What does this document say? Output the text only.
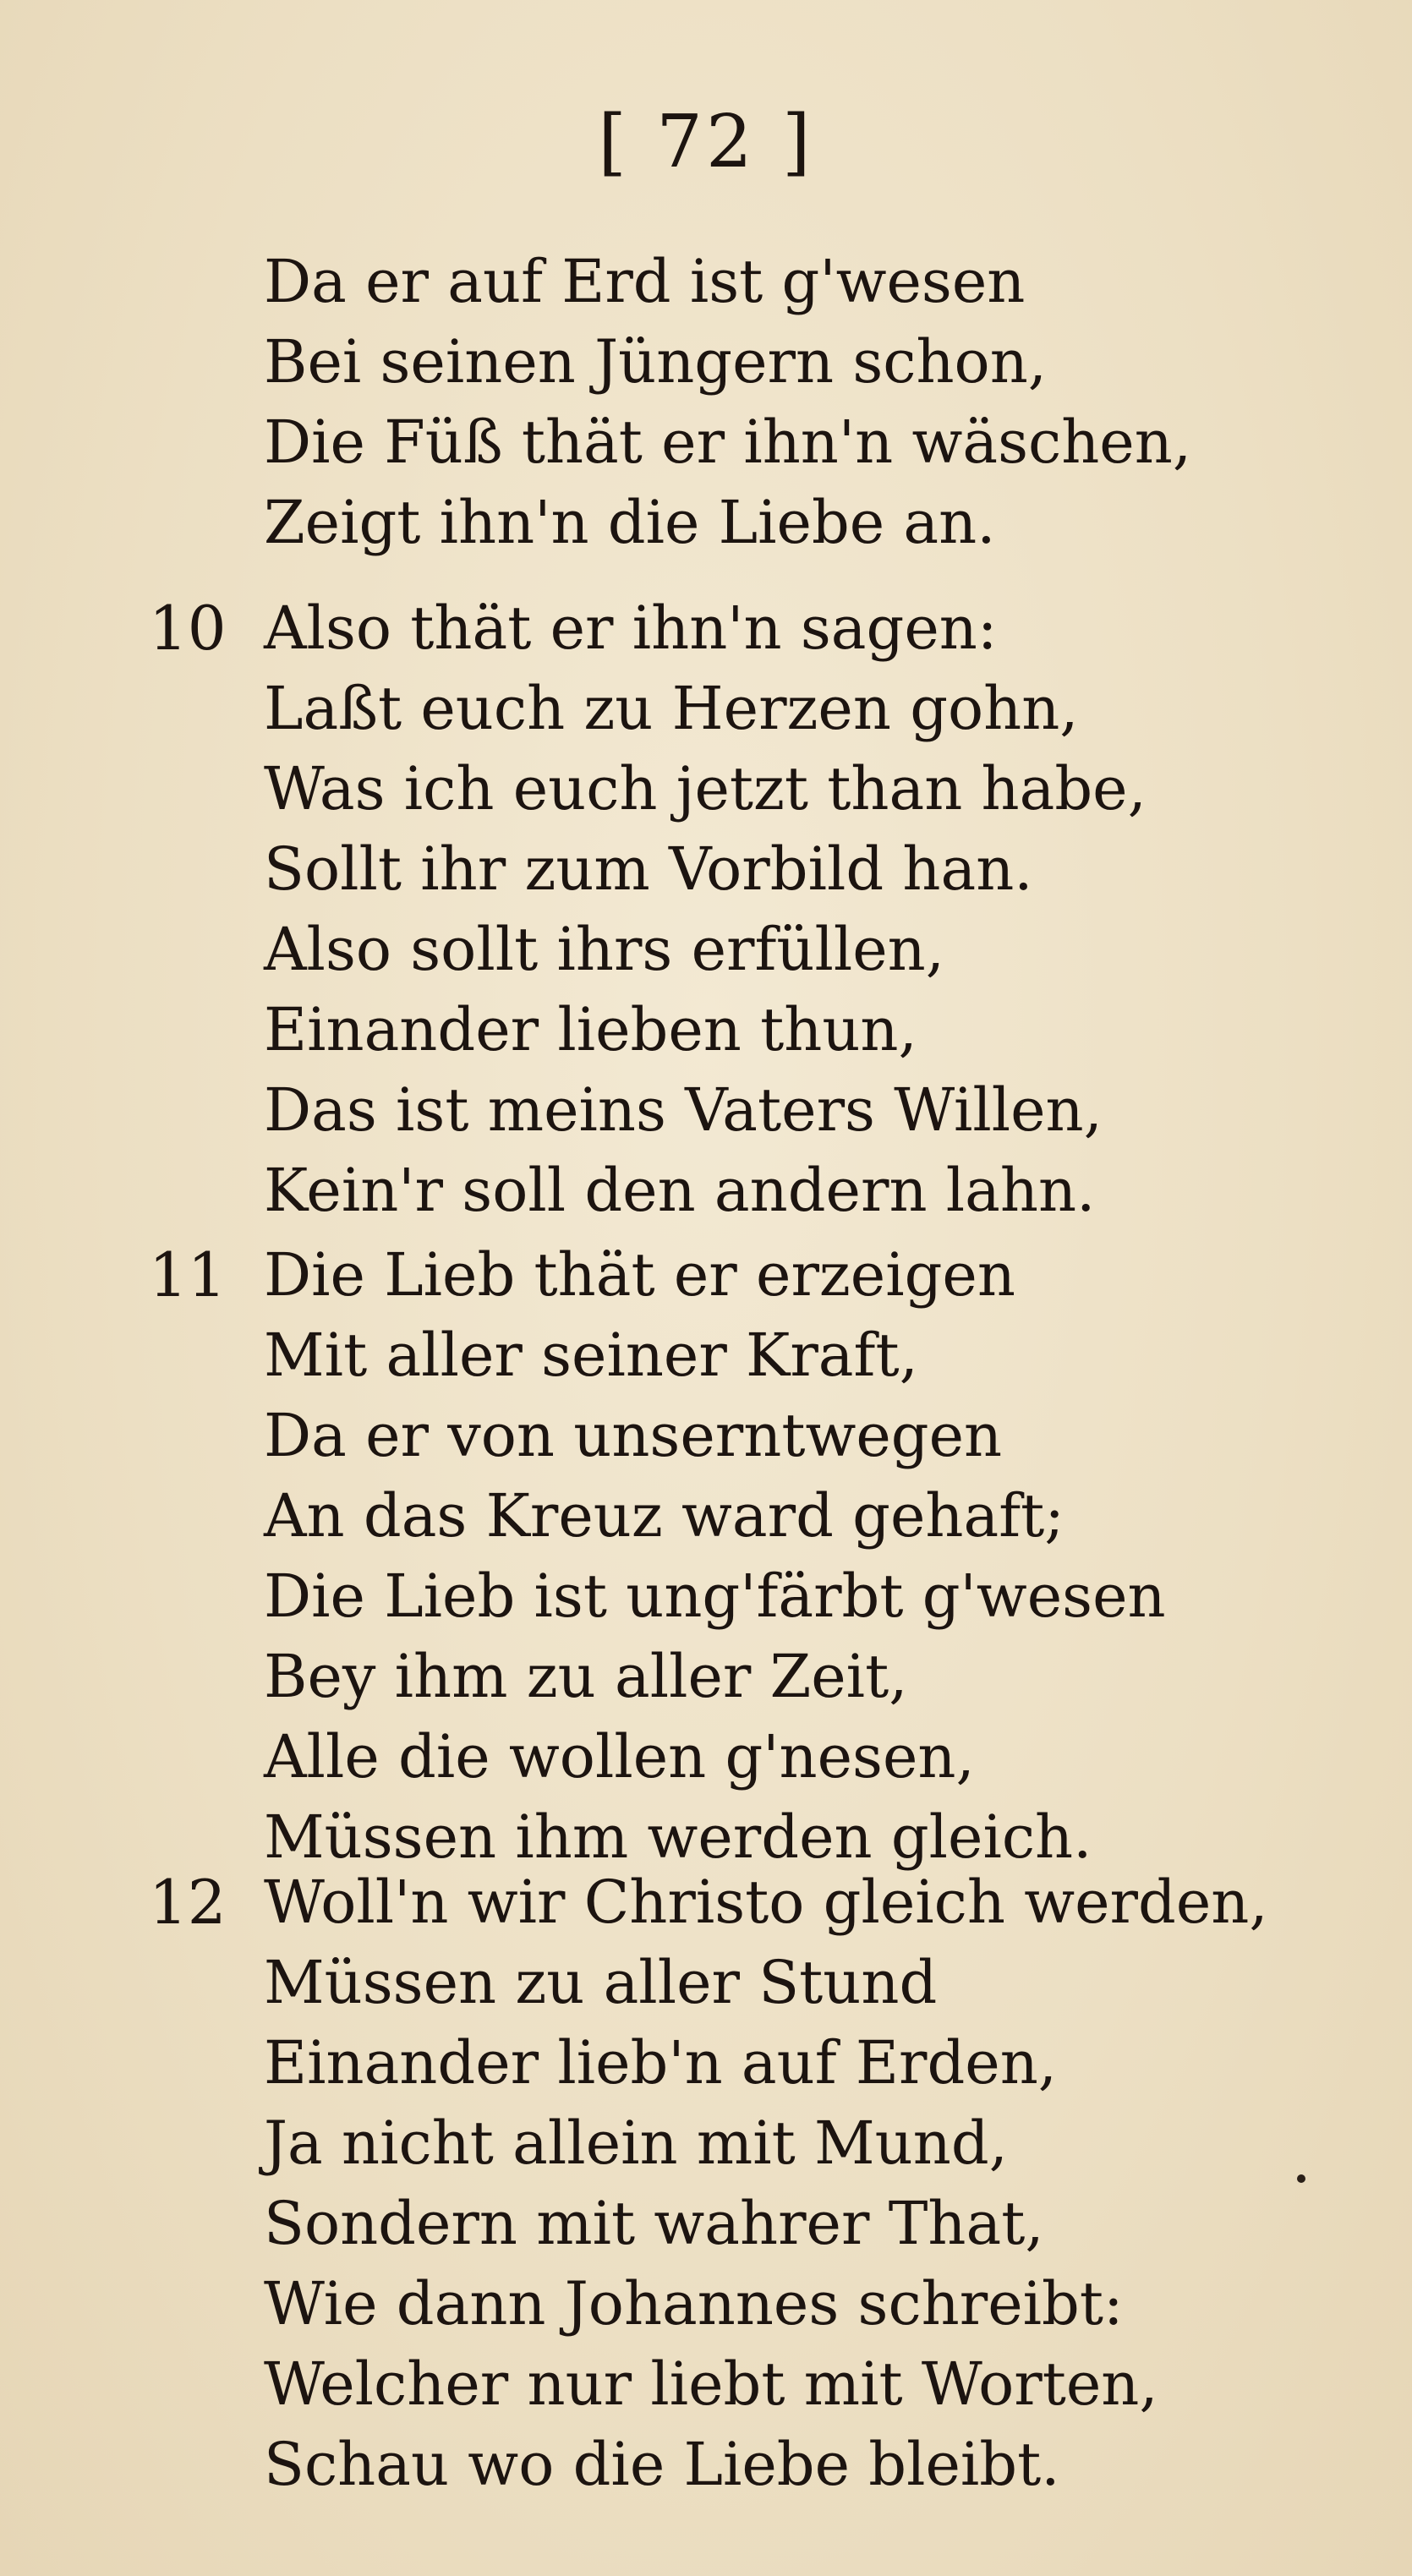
[ 72 ]
Da er auf Erd ist g'wesen
Bei seinen Jüngern schon,
Die Füß thät er ihn'n wäschen,
Zeigt ihn'n die Liebe an.
10 Also thät er ihn'n sagen:
Laßt euch zu Herzen gohn,
Was ich euch jetzt than habe,
Sollt ihr zum Vorbild han.
Also sollt ihrs erfüllen,
Einander lieben thun,
Das ist meins Vaters Willen,
Kein'r soll den andern lahn.
11 Die Lieb thät er erzeigen
Mit aller seiner Kraft,
Da er von unserntwegen
An das Kreuz ward gehaft;
Die Lieb ist ung'färbt g'wesen
Bey ihm zu aller Zeit,
Alle die wollen g'nesen,
Müssen ihm werden gleich.
12 Woll'n wir Christo gleich werden,
Müssen zu aller Stund
Einander lieb'n auf Erden,
Ja nicht allein mit Mund,
Sondern mit wahrer That,
Wie dann Johannes schreibt:
Welcher nur liebt mit Worten,
Schau wo die Liebe bleibt.
